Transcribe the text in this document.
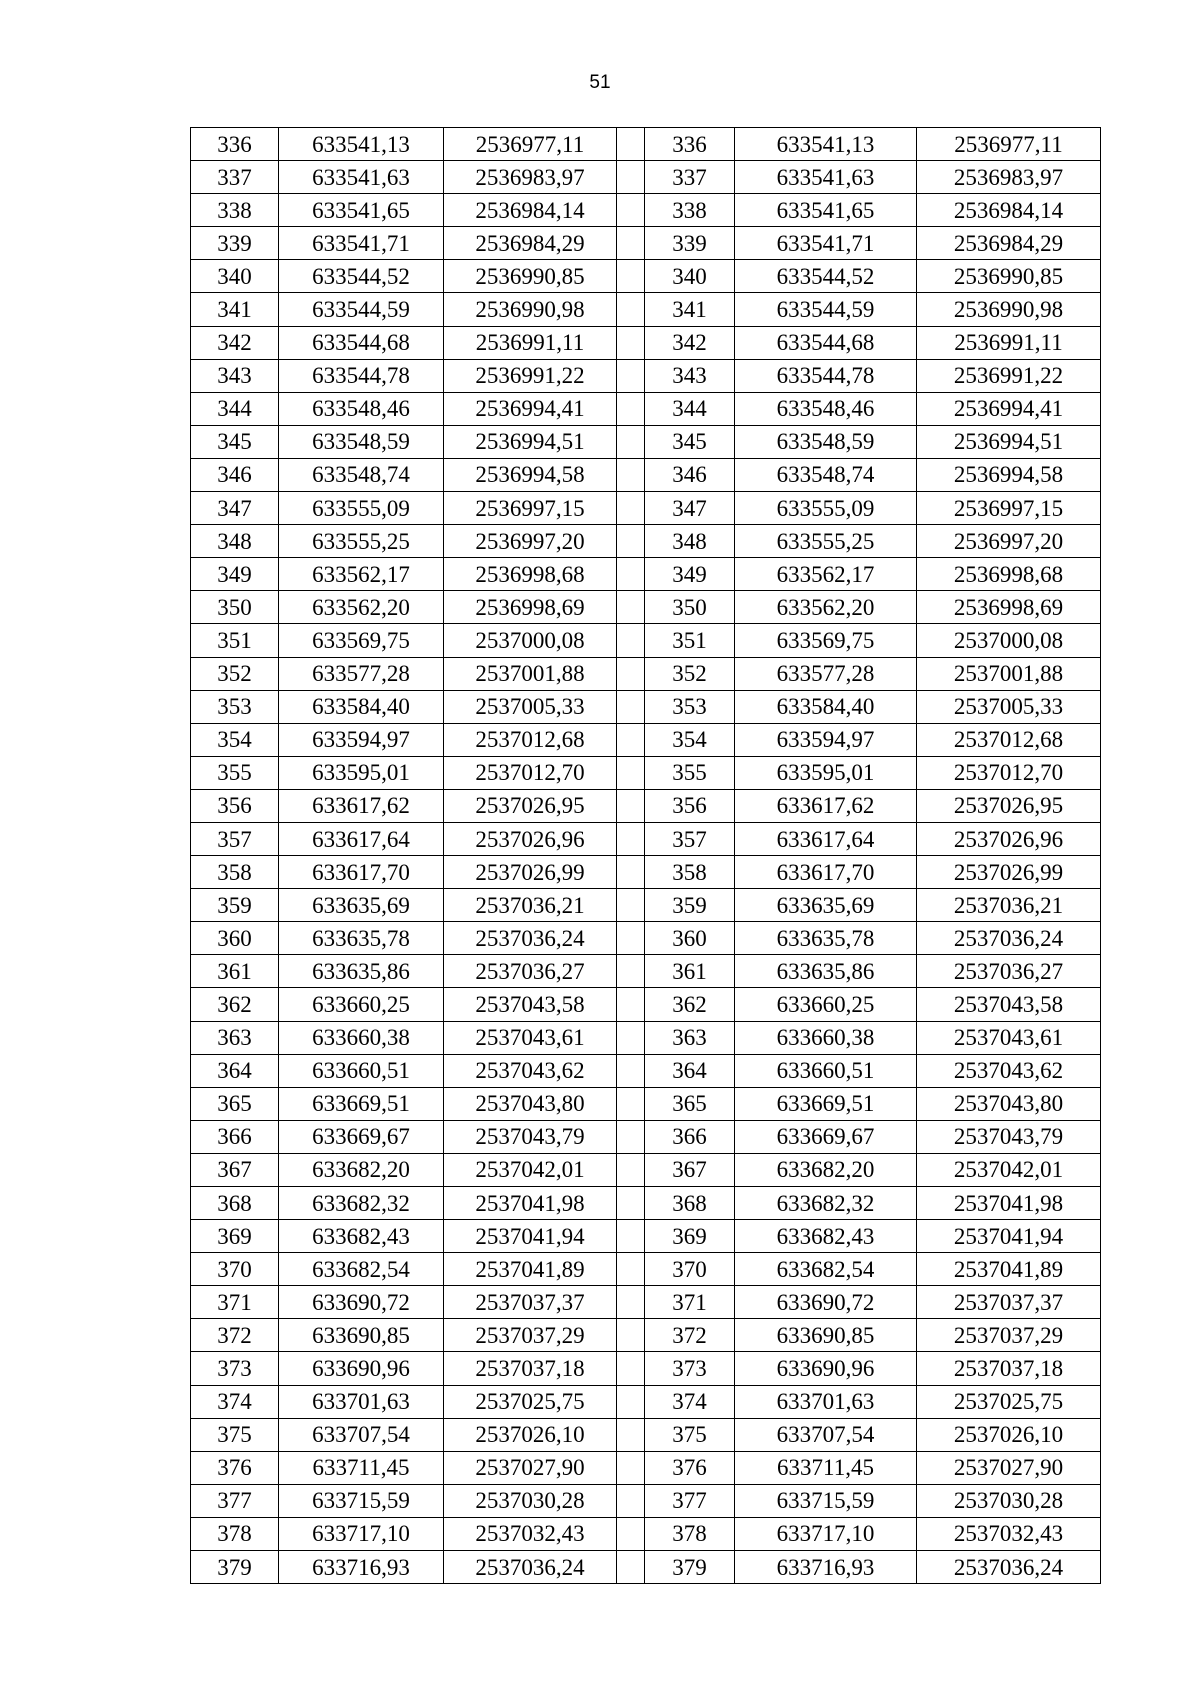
51
336	633541,13	2536977,11		336	633541,13	2536977,11
337	633541,63	2536983,97		337	633541,63	2536983,97
338	633541,65	2536984,14		338	633541,65	2536984,14
339	633541,71	2536984,29		339	633541,71	2536984,29
340	633544,52	2536990,85		340	633544,52	2536990,85
341	633544,59	2536990,98		341	633544,59	2536990,98
342	633544,68	2536991,11		342	633544,68	2536991,11
343	633544,78	2536991,22		343	633544,78	2536991,22
344	633548,46	2536994,41		344	633548,46	2536994,41
345	633548,59	2536994,51		345	633548,59	2536994,51
346	633548,74	2536994,58		346	633548,74	2536994,58
347	633555,09	2536997,15		347	633555,09	2536997,15
348	633555,25	2536997,20		348	633555,25	2536997,20
349	633562,17	2536998,68		349	633562,17	2536998,68
350	633562,20	2536998,69		350	633562,20	2536998,69
351	633569,75	2537000,08		351	633569,75	2537000,08
352	633577,28	2537001,88		352	633577,28	2537001,88
353	633584,40	2537005,33		353	633584,40	2537005,33
354	633594,97	2537012,68		354	633594,97	2537012,68
355	633595,01	2537012,70		355	633595,01	2537012,70
356	633617,62	2537026,95		356	633617,62	2537026,95
357	633617,64	2537026,96		357	633617,64	2537026,96
358	633617,70	2537026,99		358	633617,70	2537026,99
359	633635,69	2537036,21		359	633635,69	2537036,21
360	633635,78	2537036,24		360	633635,78	2537036,24
361	633635,86	2537036,27		361	633635,86	2537036,27
362	633660,25	2537043,58		362	633660,25	2537043,58
363	633660,38	2537043,61		363	633660,38	2537043,61
364	633660,51	2537043,62		364	633660,51	2537043,62
365	633669,51	2537043,80		365	633669,51	2537043,80
366	633669,67	2537043,79		366	633669,67	2537043,79
367	633682,20	2537042,01		367	633682,20	2537042,01
368	633682,32	2537041,98		368	633682,32	2537041,98
369	633682,43	2537041,94		369	633682,43	2537041,94
370	633682,54	2537041,89		370	633682,54	2537041,89
371	633690,72	2537037,37		371	633690,72	2537037,37
372	633690,85	2537037,29		372	633690,85	2537037,29
373	633690,96	2537037,18		373	633690,96	2537037,18
374	633701,63	2537025,75		374	633701,63	2537025,75
375	633707,54	2537026,10		375	633707,54	2537026,10
376	633711,45	2537027,90		376	633711,45	2537027,90
377	633715,59	2537030,28		377	633715,59	2537030,28
378	633717,10	2537032,43		378	633717,10	2537032,43
379	633716,93	2537036,24		379	633716,93	2537036,24
